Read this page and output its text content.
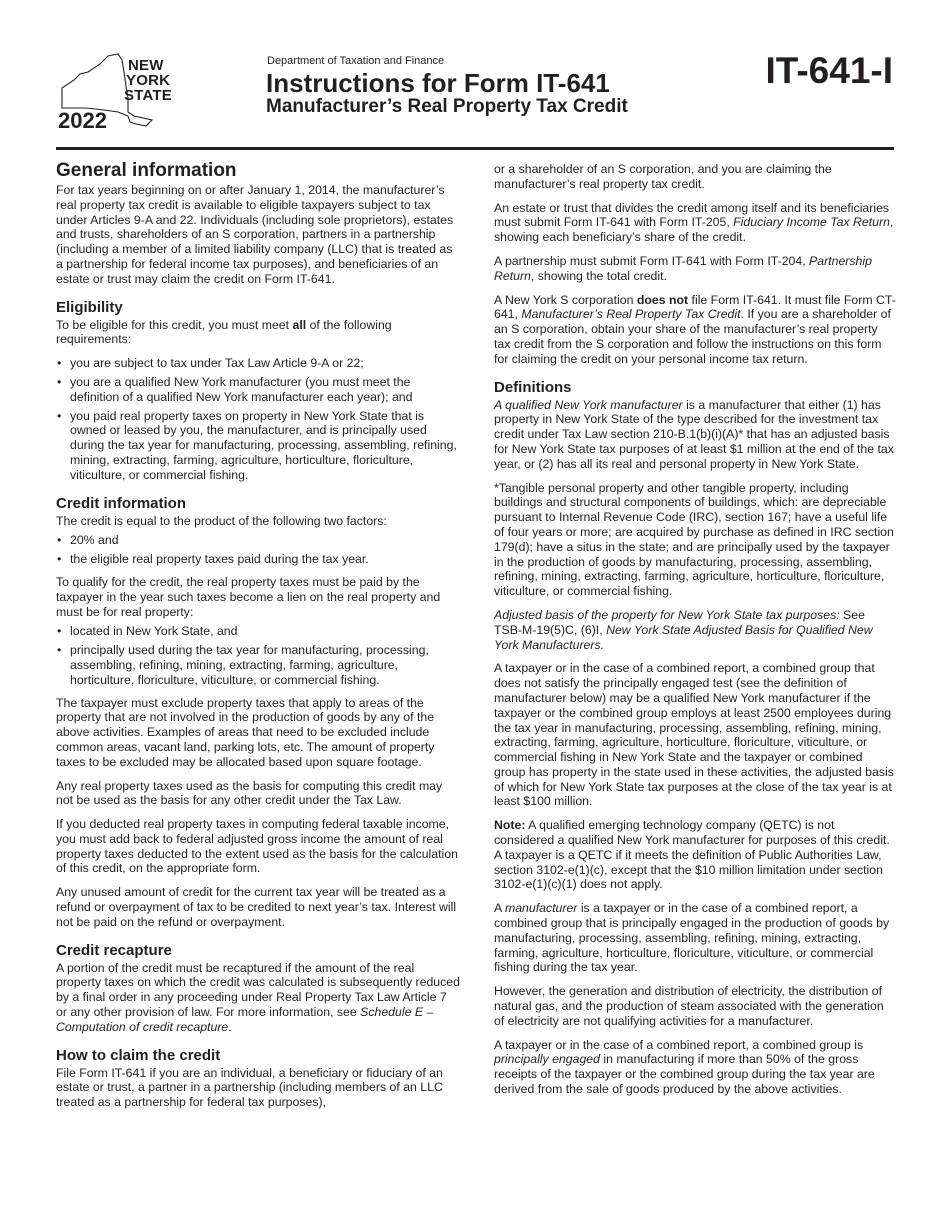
NEW
YORK
STATE
2022
Department of Taxation and Finance
Instructions for Form IT-641
Manufacturer’s Real Property Tax Credit
IT-641-I
General information

For tax years beginning on or after January 1, 2014, the manufacturer’s real property tax credit is available to eligible taxpayers subject to tax under Articles 9-A and 22. Individuals (including sole proprietors), estates and trusts, shareholders of an S corporation, partners in a partnership (including a member of a limited liability company (LLC) that is treated as a partnership for federal income tax purposes), and beneficiaries of an estate or trust may claim the credit on Form IT-641.

Eligibility

To be eligible for this credit, you must meet all of the following requirements:

• you are subject to tax under Tax Law Article 9-A or 22;
• you are a qualified New York manufacturer (you must meet the definition of a qualified New York manufacturer each year); and
• you paid real property taxes on property in New York State that is owned or leased by you, the manufacturer, and is principally used during the tax year for manufacturing, processing, assembling, refining, mining, extracting, farming, agriculture, horticulture, floriculture, viticulture, or commercial fishing.
Credit information

The credit is equal to the product of the following two factors:

• 20% and
• the eligible real property taxes paid during the tax year.

To qualify for the credit, the real property taxes must be paid by the taxpayer in the year such taxes become a lien on the real property and must be for real property:

• located in New York State, and
• principally used during the tax year for manufacturing, processing, assembling, refining, mining, extracting, farming, agriculture, horticulture, floriculture, viticulture, or commercial fishing.

The taxpayer must exclude property taxes that apply to areas of the property that are not involved in the production of goods by any of the above activities. Examples of areas that need to be excluded include common areas, vacant land, parking lots, etc. The amount of property taxes to be excluded may be allocated based upon square footage.

Any real property taxes used as the basis for computing this credit may not be used as the basis for any other credit under the Tax Law.

If you deducted real property taxes in computing federal taxable income, you must add back to federal adjusted gross income the amount of real property taxes deducted to the extent used as the basis for the calculation of this credit, on the appropriate form.

Any unused amount of credit for the current tax year will be treated as a refund or overpayment of tax to be credited to next year’s tax. Interest will not be paid on the refund or overpayment.

Credit recapture

A portion of the credit must be recaptured if the amount of the real property taxes on which the credit was calculated is subsequently reduced by a final order in any proceeding under Real Property Tax Law Article 7 or any other provision of law. For more information, see Schedule E – Computation of credit recapture.

How to claim the credit

File Form IT-641 if you are an individual, a beneficiary or fiduciary of an estate or trust, a partner in a partnership (including members of an LLC treated as a partnership for federal tax purposes),

or a shareholder of an S corporation, and you are claiming the manufacturer’s real property tax credit.

An estate or trust that divides the credit among itself and its beneficiaries must submit Form IT-641 with Form IT-205, Fiduciary Income Tax Return, showing each beneficiary’s share of the credit.

A partnership must submit Form IT-641 with Form IT-204, Partnership Return, showing the total credit.

A New York S corporation does not file Form IT-641. It must file Form CT-641, Manufacturer’s Real Property Tax Credit. If you are a shareholder of an S corporation, obtain your share of the manufacturer’s real property tax credit from the S corporation and follow the instructions on this form for claiming the credit on your personal income tax return.

Definitions

A qualified New York manufacturer is a manufacturer that either (1) has property in New York State of the type described for the investment tax credit under Tax Law section 210-B.1(b)(i)(A)* that has an adjusted basis for New York State tax purposes of at least $1 million at the end of the tax year, or (2) has all its real and personal property in New York State.

*Tangible personal property and other tangible property, including buildings and structural components of buildings, which: are depreciable pursuant to Internal Revenue Code (IRC), section 167; have a useful life of four years or more; are acquired by purchase as defined in IRC section 179(d); have a situs in the state; and are principally used by the taxpayer in the production of goods by manufacturing, processing, assembling, refining, mining, extracting, farming, agriculture, horticulture, floriculture, viticulture, or commercial fishing.

Adjusted basis of the property for New York State tax purposes: See TSB-M-19(5)C, (6)I, New York State Adjusted Basis for Qualified New York Manufacturers.

A taxpayer or in the case of a combined report, a combined group that does not satisfy the principally engaged test (see the definition of manufacturer below) may be a qualified New York manufacturer if the taxpayer or the combined group employs at least 2500 employees during the tax year in manufacturing, processing, assembling, refining, mining, extracting, farming, agriculture, horticulture, floriculture, viticulture, or commercial fishing in New York State and the taxpayer or combined group has property in the state used in these activities, the adjusted basis of which for New York State tax purposes at the close of the tax year is at least $100 million.

Note: A qualified emerging technology company (QETC) is not considered a qualified New York manufacturer for purposes of this credit. A taxpayer is a QETC if it meets the definition of Public Authorities Law, section 3102-e(1)(c), except that the $10 million limitation under section 3102-e(1)(c)(1) does not apply.

A manufacturer is a taxpayer or in the case of a combined report, a combined group that is principally engaged in the production of goods by manufacturing, processing, assembling, refining, mining, extracting, farming, agriculture, horticulture, floriculture, viticulture, or commercial fishing during the tax year.

However, the generation and distribution of electricity, the distribution of natural gas, and the production of steam associated with the generation of electricity are not qualifying activities for a manufacturer.

A taxpayer or in the case of a combined report, a combined group is principally engaged in manufacturing if more than 50% of the gross receipts of the taxpayer or the combined group during the tax year are derived from the sale of goods produced by the above activities.
